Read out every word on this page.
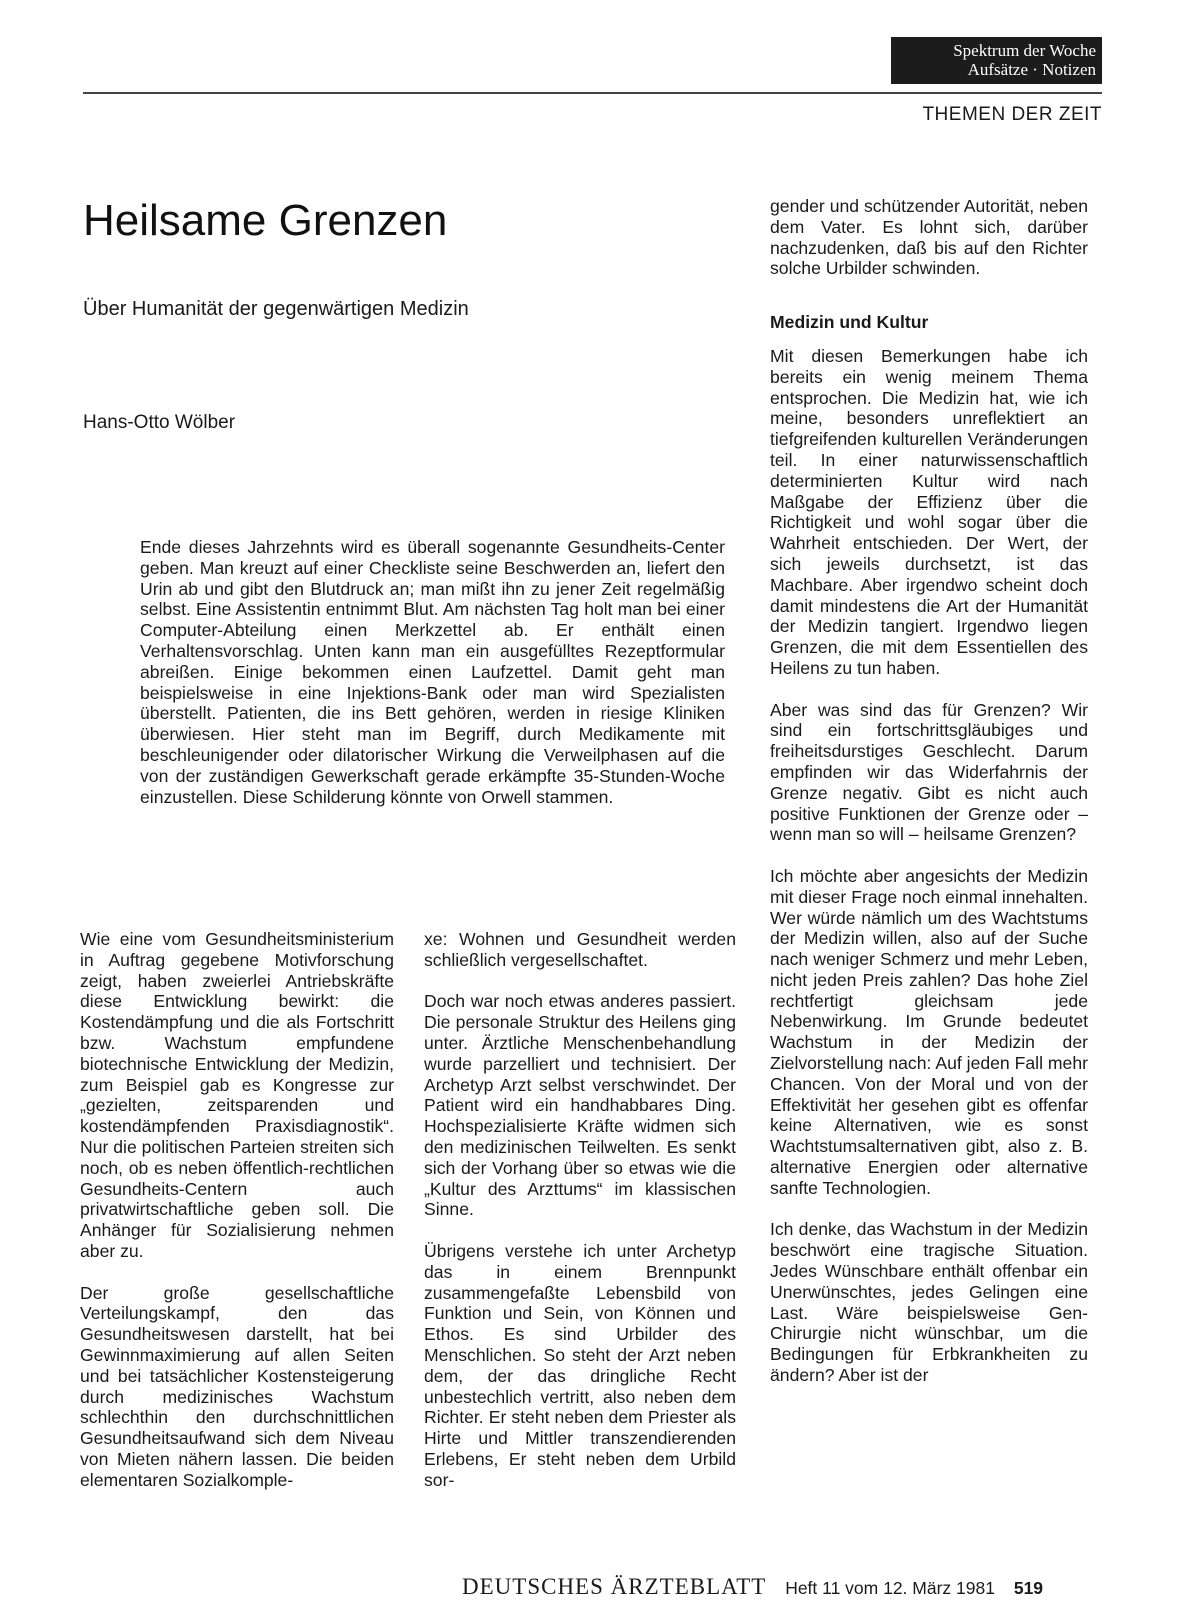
Spektrum der Woche
Aufsätze · Notizen
THEMEN DER ZEIT
Heilsame Grenzen
Über Humanität der gegenwärtigen Medizin
Hans-Otto Wölber
Ende dieses Jahrzehnts wird es überall sogenannte Gesundheits-Center geben. Man kreuzt auf einer Checkliste seine Beschwerden an, liefert den Urin ab und gibt den Blutdruck an; man mißt ihn zu jener Zeit regelmäßig selbst. Eine Assistentin entnimmt Blut. Am nächsten Tag holt man bei einer Computer-Abteilung einen Merkzettel ab. Er enthält einen Verhaltensvorschlag. Unten kann man ein ausgefülltes Rezeptformular abreißen. Einige bekommen einen Laufzettel. Damit geht man beispielsweise in eine Injektions-Bank oder man wird Spezialisten überstellt. Patienten, die ins Bett gehören, werden in riesige Kliniken überwiesen. Hier steht man im Begriff, durch Medikamente mit beschleunigender oder dilatorischer Wirkung die Verweilphasen auf die von der zuständigen Gewerkschaft gerade erkämpfte 35-Stunden-Woche einzustellen. Diese Schilderung könnte von Orwell stammen.

Wie eine vom Gesundheitsministerium in Auftrag gegebene Motivforschung zeigt, haben zweierlei Antriebskräfte diese Entwicklung bewirkt: die Kostendämpfung und die als Fortschritt bzw. Wachstum empfundene biotechnische Entwicklung der Medizin, zum Beispiel gab es Kongresse zur „gezielten, zeitsparenden und kostendämpfenden Praxisdiagnostik“. Nur die politischen Parteien streiten sich noch, ob es neben öffentlich-rechtlichen Gesundheits-Centern auch privatwirtschaftliche geben soll. Die Anhänger für Sozialisierung nehmen aber zu.

Der große gesellschaftliche Verteilungskampf, den das Gesundheitswesen darstellt, hat bei Gewinnmaximierung auf allen Seiten und bei tatsächlicher Kostensteigerung durch medizinisches Wachstum schlechthin den durchschnittlichen Gesundheitsaufwand sich dem Niveau von Mieten nähern lassen. Die beiden elementaren Sozialkomple-

xe: Wohnen und Gesundheit werden schließlich vergesellschaftet.

Doch war noch etwas anderes passiert. Die personale Struktur des Heilens ging unter. Ärztliche Menschenbehandlung wurde parzelliert und technisiert. Der Archetyp Arzt selbst verschwindet. Der Patient wird ein handhabbares Ding. Hochspezialisierte Kräfte widmen sich den medizinischen Teilwelten. Es senkt sich der Vorhang über so etwas wie die „Kultur des Arzttums“ im klassischen Sinne.

Übrigens verstehe ich unter Archetyp das in einem Brennpunkt zusammengefaßte Lebensbild von Funktion und Sein, von Können und Ethos. Es sind Urbilder des Menschlichen. So steht der Arzt neben dem, der das dringliche Recht unbestechlich vertritt, also neben dem Richter. Er steht neben dem Priester als Hirte und Mittler transzendierenden Erlebens, Er steht neben dem Urbild sor-

gender und schützender Autorität, neben dem Vater. Es lohnt sich, darüber nachzudenken, daß bis auf den Richter solche Urbilder schwinden.

Medizin und Kultur

Mit diesen Bemerkungen habe ich bereits ein wenig meinem Thema entsprochen. Die Medizin hat, wie ich meine, besonders unreflektiert an tiefgreifenden kulturellen Veränderungen teil. In einer naturwissenschaftlich determinierten Kultur wird nach Maßgabe der Effizienz über die Richtigkeit und wohl sogar über die Wahrheit entschieden. Der Wert, der sich jeweils durchsetzt, ist das Machbare. Aber irgendwo scheint doch damit mindestens die Art der Humanität der Medizin tangiert. Irgendwo liegen Grenzen, die mit dem Essentiellen des Heilens zu tun haben.

Aber was sind das für Grenzen? Wir sind ein fortschrittsgläubiges und freiheitsdurstiges Geschlecht. Darum empfinden wir das Widerfahrnis der Grenze negativ. Gibt es nicht auch positive Funktionen der Grenze oder – wenn man so will – heilsame Grenzen?

Ich möchte aber angesichts der Medizin mit dieser Frage noch einmal innehalten. Wer würde nämlich um des Wachtstums der Medizin willen, also auf der Suche nach weniger Schmerz und mehr Leben, nicht jeden Preis zahlen? Das hohe Ziel rechtfertigt gleichsam jede Nebenwirkung. Im Grunde bedeutet Wachstum in der Medizin der Zielvorstellung nach: Auf jeden Fall mehr Chancen. Von der Moral und von der Effektivität her gesehen gibt es offenfar keine Alternativen, wie es sonst Wachtstumsalternativen gibt, also z. B. alternative Energien oder alternative sanfte Technologien.

Ich denke, das Wachstum in der Medizin beschwört eine tragische Situation. Jedes Wünschbare enthält offenbar ein Unerwünschtes, jedes Gelingen eine Last. Wäre beispielsweise Gen-Chirurgie nicht wünschbar, um die Bedingungen für Erbkrankheiten zu ändern? Aber ist der

DEUTSCHES ÄRZTEBLATT Heft 11 vom 12. März 1981 519
